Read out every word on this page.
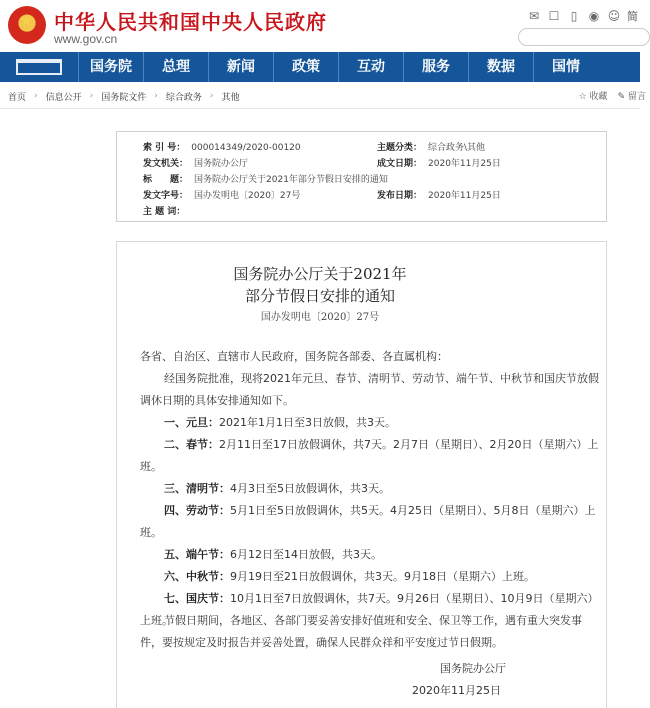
★ 中华人民共和国中央人民政府
www.gov.cn
✉ ☐ ▯ ◉ ☺ 简
国务院	总理	新闻	政策	互动	服务	数据	国情
首页 › 信息公开 › 国务院文件 › 综合政务 › 其他	☆ 收藏 ✎ 留言
索 引 号： 000014349/2020-00120	主题分类： 综合政务\其他
发文机关： 国务院办公厅	成文日期： 2020年11月25日
标　　题： 国务院办公厅关于2021年部分节假日安排的通知
发文字号： 国办发明电〔2020〕27号	发布日期： 2020年11月25日
主 题 词：
国务院办公厅关于2021年
部分节假日安排的通知
国办发明电〔2020〕27号
各省、自治区、直辖市人民政府，国务院各部委、各直属机构：
经国务院批准，现将2021年元旦、春节、清明节、劳动节、端午节、中秋节和国庆节放假调休日期的具体安排通知如下。
一、元旦：2021年1月1日至3日放假，共3天。
二、春节：2月11日至17日放假调休，共7天。2月7日（星期日）、2月20日（星期六）上班。
三、清明节：4月3日至5日放假调休，共3天。
四、劳动节：5月1日至5日放假调休，共5天。4月25日（星期日）、5月8日（星期六）上班。
五、端午节：6月12日至14日放假，共3天。
六、中秋节：9月19日至21日放假调休，共3天。9月18日（星期六）上班。
七、国庆节：10月1日至7日放假调休，共7天。9月26日（星期日）、10月9日（星期六）上班。
节假日期间，各地区、各部门要妥善安排好值班和安全、保卫等工作，遇有重大突发事件，要按规定及时报告并妥善处置，确保人民群众祥和平安度过节日假期。
国务院办公厅
2020年11月25日
